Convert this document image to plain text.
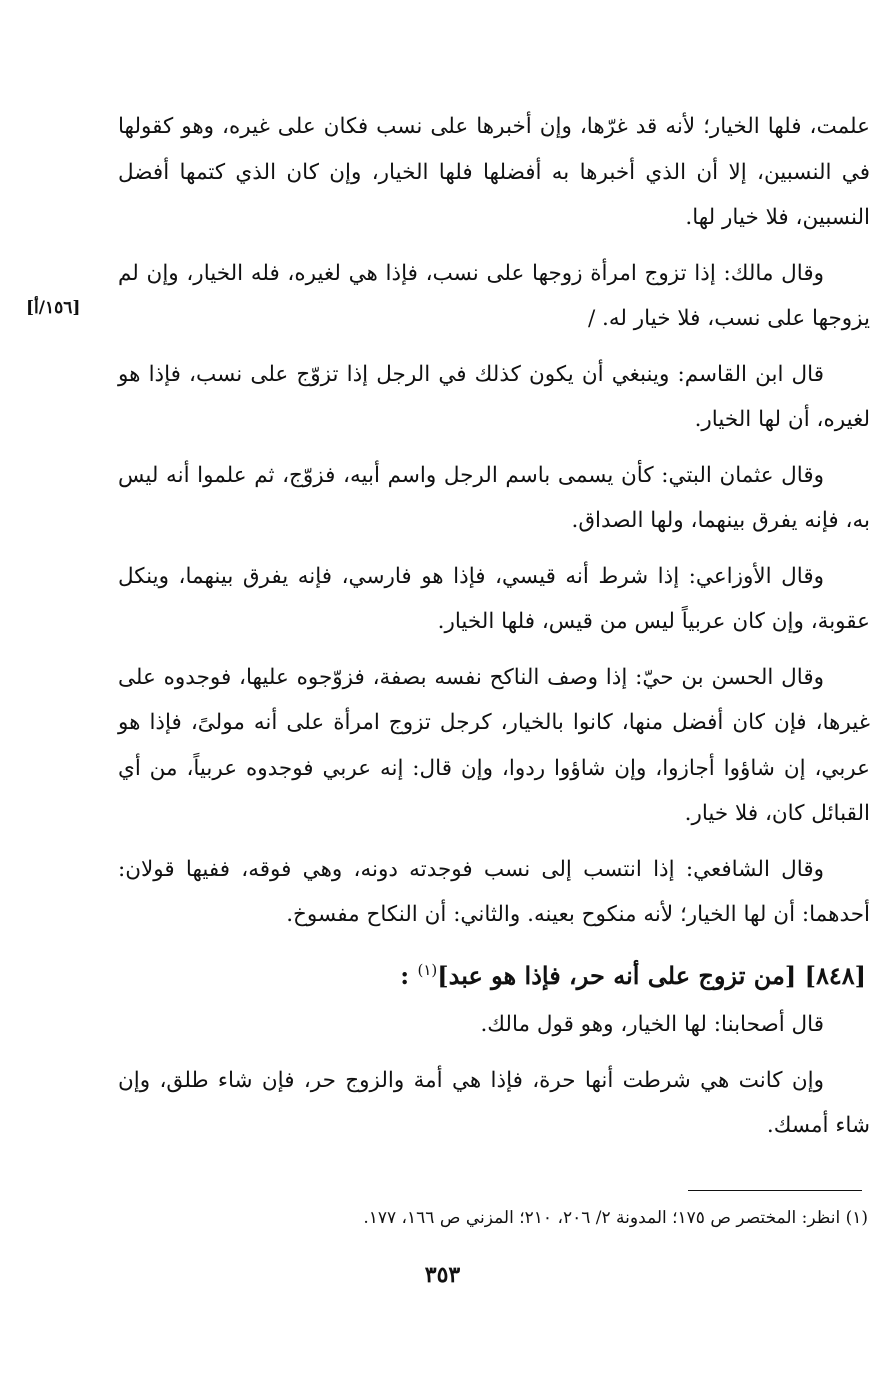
[١٥٦/أ]

علمت، فلها الخيار؛ لأنه قد غرّها، وإن أخبرها على نسب فكان على غيره، وهو كقولها في النسبين، إلا أن الذي أخبرها به أفضلها فلها الخيار، وإن كان الذي كتمها أفضل النسبين، فلا خيار لها.

وقال مالك: إذا تزوج امرأة زوجها على نسب، فإذا هي لغيره، فله الخيار، وإن لم يزوجها على نسب، فلا خيار له. /

قال ابن القاسم: وينبغي أن يكون كذلك في الرجل إذا تزوّج على نسب، فإذا هو لغيره، أن لها الخيار.

وقال عثمان البتي: كأن يسمى باسم الرجل واسم أبيه، فزوّج، ثم علموا أنه ليس به، فإنه يفرق بينهما، ولها الصداق.

وقال الأوزاعي: إذا شرط أنه قيسي، فإذا هو فارسي، فإنه يفرق بينهما، وينكل عقوبة، وإن كان عربياً ليس من قيس، فلها الخيار.

وقال الحسن بن حيّ: إذا وصف الناكح نفسه بصفة، فزوّجوه عليها، فوجدوه على غيرها، فإن كان أفضل منها، كانوا بالخيار، كرجل تزوج امرأة على أنه مولىً، فإذا هو عربي، إن شاؤوا أجازوا، وإن شاؤوا ردوا، وإن قال: إنه عربي فوجدوه عربياً، من أي القبائل كان، فلا خيار.

وقال الشافعي: إذا انتسب إلى نسب فوجدته دونه، وهي فوقه، ففيها قولان: أحدهما: أن لها الخيار؛ لأنه منكوح بعينه. والثاني: أن النكاح مفسوخ.

[٨٤٨] [من تزوج على أنه حر، فإذا هو عبد]$^{(١)}$ :

قال أصحابنا: لها الخيار، وهو قول مالك.

وإن كانت هي شرطت أنها حرة، فإذا هي أمة والزوج حر، فإن شاء طلق، وإن شاء أمسك.

(١) انظر: المختصر ص ١٧٥؛ المدونة ٢/ ٢٠٦، ٢١٠؛ المزني ص ١٦٦، ١٧٧.
٣٥٣
